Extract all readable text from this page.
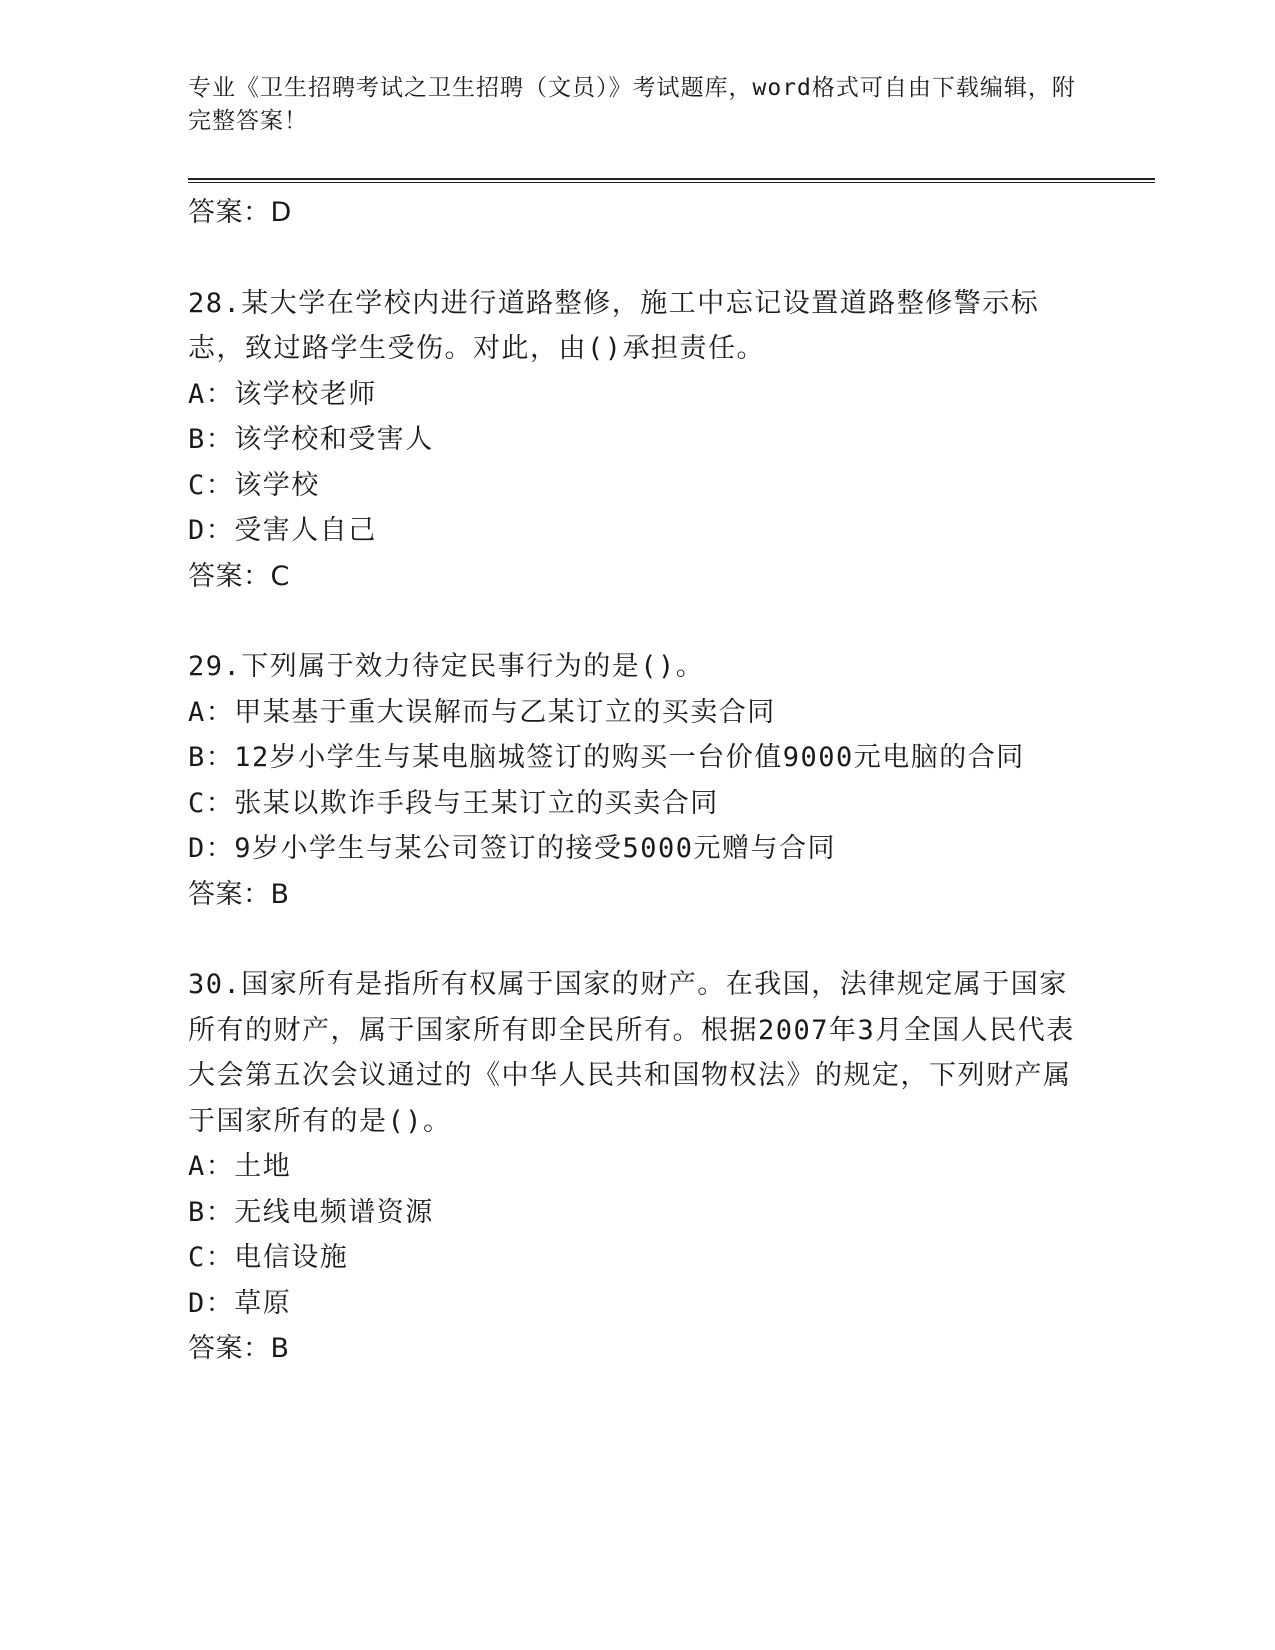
专业《卫生招聘考试之卫生招聘（文员）》考试题库，word格式可自由下载编辑，附完整答案！
答案：D
28.某大学在学校内进行道路整修，施工中忘记设置道路整修警示标志，致过路学生受伤。对此，由()承担责任。
A：该学校老师
B：该学校和受害人
C：该学校
D：受害人自己
答案：C
29.下列属于效力待定民事行为的是()。
A：甲某基于重大误解而与乙某订立的买卖合同
B：12岁小学生与某电脑城签订的购买一台价值9000元电脑的合同
C：张某以欺诈手段与王某订立的买卖合同
D：9岁小学生与某公司签订的接受5000元赠与合同
答案：B
30.国家所有是指所有权属于国家的财产。在我国，法律规定属于国家所有的财产，属于国家所有即全民所有。根据2007年3月全国人民代表大会第五次会议通过的《中华人民共和国物权法》的规定，下列财产属于国家所有的是()。
A：土地
B：无线电频谱资源
C：电信设施
D：草原
答案：B
